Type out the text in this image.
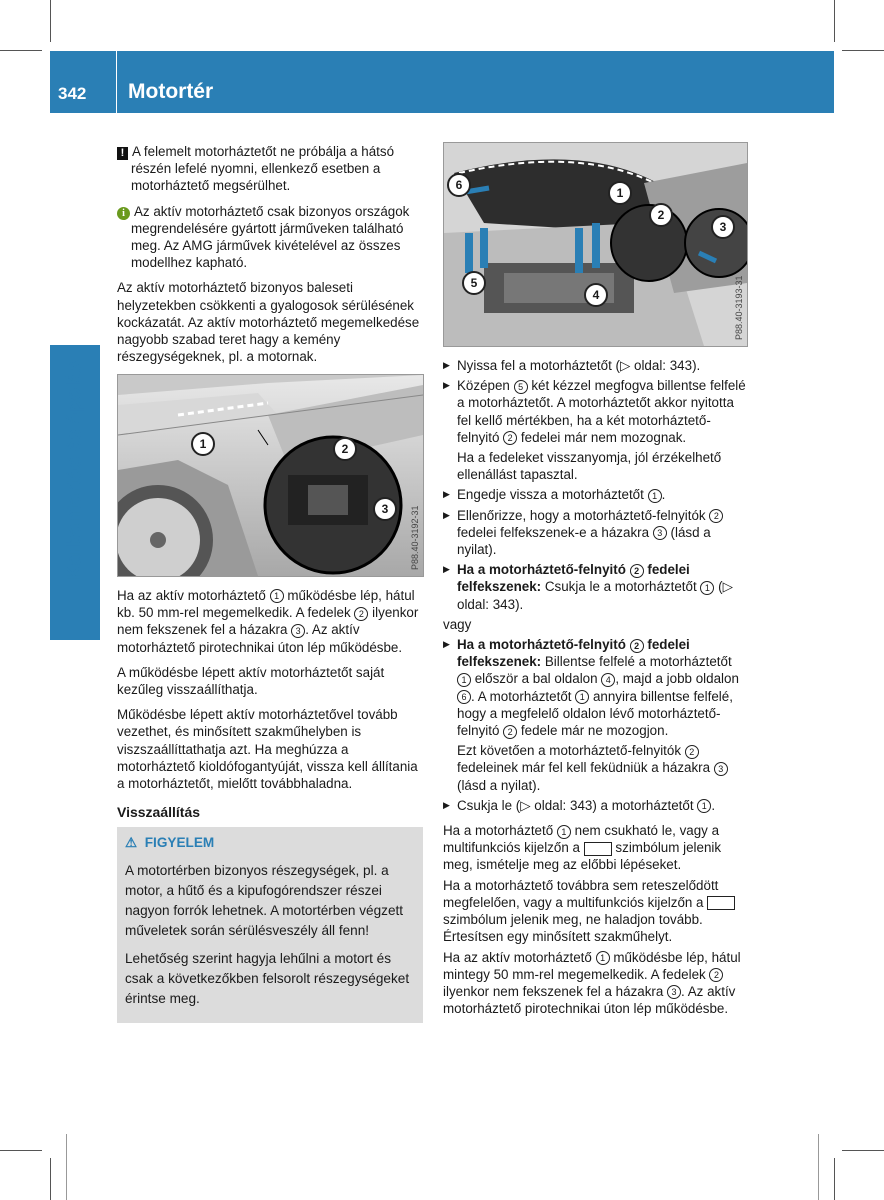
342 Motortér
Karbantartás és ápolás

! A felemelt motorháztetőt ne próbálja a hátsó részén lefelé nyomni, ellenkező esetben a motorháztető megsérülhet.

i Az aktív motorháztető csak bizonyos országok megrendelésére gyártott járműveken található meg. Az AMG járművek kivételével az összes modellhez kapható.

Az aktív motorháztető bizonyos baleseti helyzetekben csökkenti a gyalogosok sérülésének kockázatát. Az aktív motorháztető megemelkedése nagyobb szabad teret hagy a kemény részegységeknek, pl. a motornak.

1	2
3	P88.40-3192-31

Ha az aktív motorháztető 1 működésbe lép, hátul kb. 50 mm-rel megemelkedik. A fedelek 2 ilyenkor nem fekszenek fel a házakra 3 . Az aktív motorháztető pirotechnikai úton lép működésbe.

A működésbe lépett aktív motorháztetőt saját kezűleg visszaállíthatja.

Működésbe lépett aktív motorháztetővel tovább vezethet, és minősített szakműhelyben is viszszaállíttathatja azt. Ha meghúzza a motorháztető kioldófogantyúját, vissza kell állítania a motorháztetőt, mielőtt továbbhaladna.

Visszaállítás

⚠ FIGYELEM

A motortérben bizonyos részegységek, pl. a motor, a hűtő és a kipufogórendszer részei nagyon forrók lehetnek. A motortérben végzett műveletek során sérülésveszély áll fenn!

Lehetőség szerint hagyja lehűlni a motort és csak a következőkben felsorolt részegységeket érintse meg.

6
1
2
3
5
4	P88.40-3193-31

▶ Nyissa fel a motorháztetőt (▷ oldal: 343).

▶ Középen 5 két kézzel megfogva billentse felfelé a motorháztetőt. A motorháztetőt akkor nyitotta fel kellő mértékben, ha a két motorháztető-felnyitó 2 fedelei már nem mozognak.

Ha a fedeleket visszanyomja, jól érzékelhető ellenállást tapasztal.

▶ Engedje vissza a motorháztetőt 1 .

▶ Ellenőrizze, hogy a motorháztető-felnyitók 2 fedelei felfekszenek-e a házakra 3 (lásd a nyilat).

▶ Ha a motorháztető-felnyitó 2 fedelei felfekszenek: Csukja le a motorháztetőt 1 (▷ oldal: 343).

vagy

▶ Ha a motorháztető-felnyitó 2 fedelei felfekszenek: Billentse felfelé a motorháztetőt 1 először a bal oldalon 4 , majd a jobb oldalon 6 . A motorháztetőt 1 annyira billentse felfelé, hogy a megfelelő oldalon lévő motorháztető-felnyitó 2 fedele már ne mozogjon.

Ezt követően a motorháztető-felnyitók 2 fedeleinek már fel kell feküdniük a házakra 3 (lásd a nyilat).

▶ Csukja le (▷ oldal: 343) a motorháztetőt 1 .

Ha a motorháztető 1 nem csukható le, vagy a multifunkciós kijelzőn a	szimbólum jelenik meg, ismételje meg az előbbi lépéseket.

Ha a motorháztető továbbra sem reteszelődött megfelelően, vagy a multifunkciós kijelzőn a  szimbólum jelenik meg, ne haladjon tovább. Értesítsen egy minősített szakműhelyt.

Ha az aktív motorháztető 1 működésbe lép, hátul mintegy 50 mm-rel megemelkedik. A fedelek 2 ilyenkor nem fekszenek fel a házakra 3 . Az aktív motorháztető pirotechnikai úton lép működésbe.
